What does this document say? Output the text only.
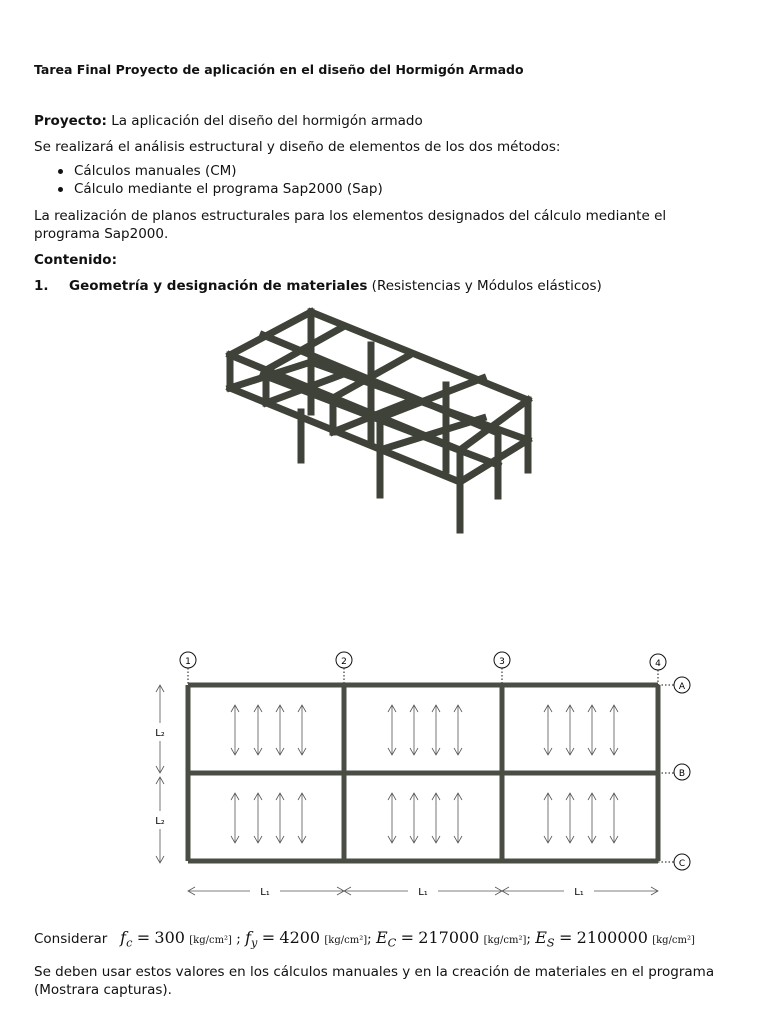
Tarea Final Proyecto de aplicación en el diseño del Hormigón Armado
Proyecto: La aplicación del diseño del hormigón armado
Se realizará el análisis estructural y diseño de elementos de los dos métodos:
Cálculos manuales (CM)
Cálculo mediante el programa Sap2000 (Sap)
La realización de planos estructurales para los elementos designados del cálculo mediante el programa Sap2000.
Contenido:
1. Geometría y designación de materiales (Resistencias y Módulos elásticos)
1	2	3	4
A
B
C
L₂
L₂
L₁	L₁	L₁
Considerar $f_c = 300$ [kg/cm²] ; $f_y = 4200$ [kg/cm²]; $E_C = 217000$ [kg/cm²]; $E_S = 2100000$ [kg/cm²]
Se deben usar estos valores en los cálculos manuales y en la creación de materiales en el programa (Mostrara capturas).
